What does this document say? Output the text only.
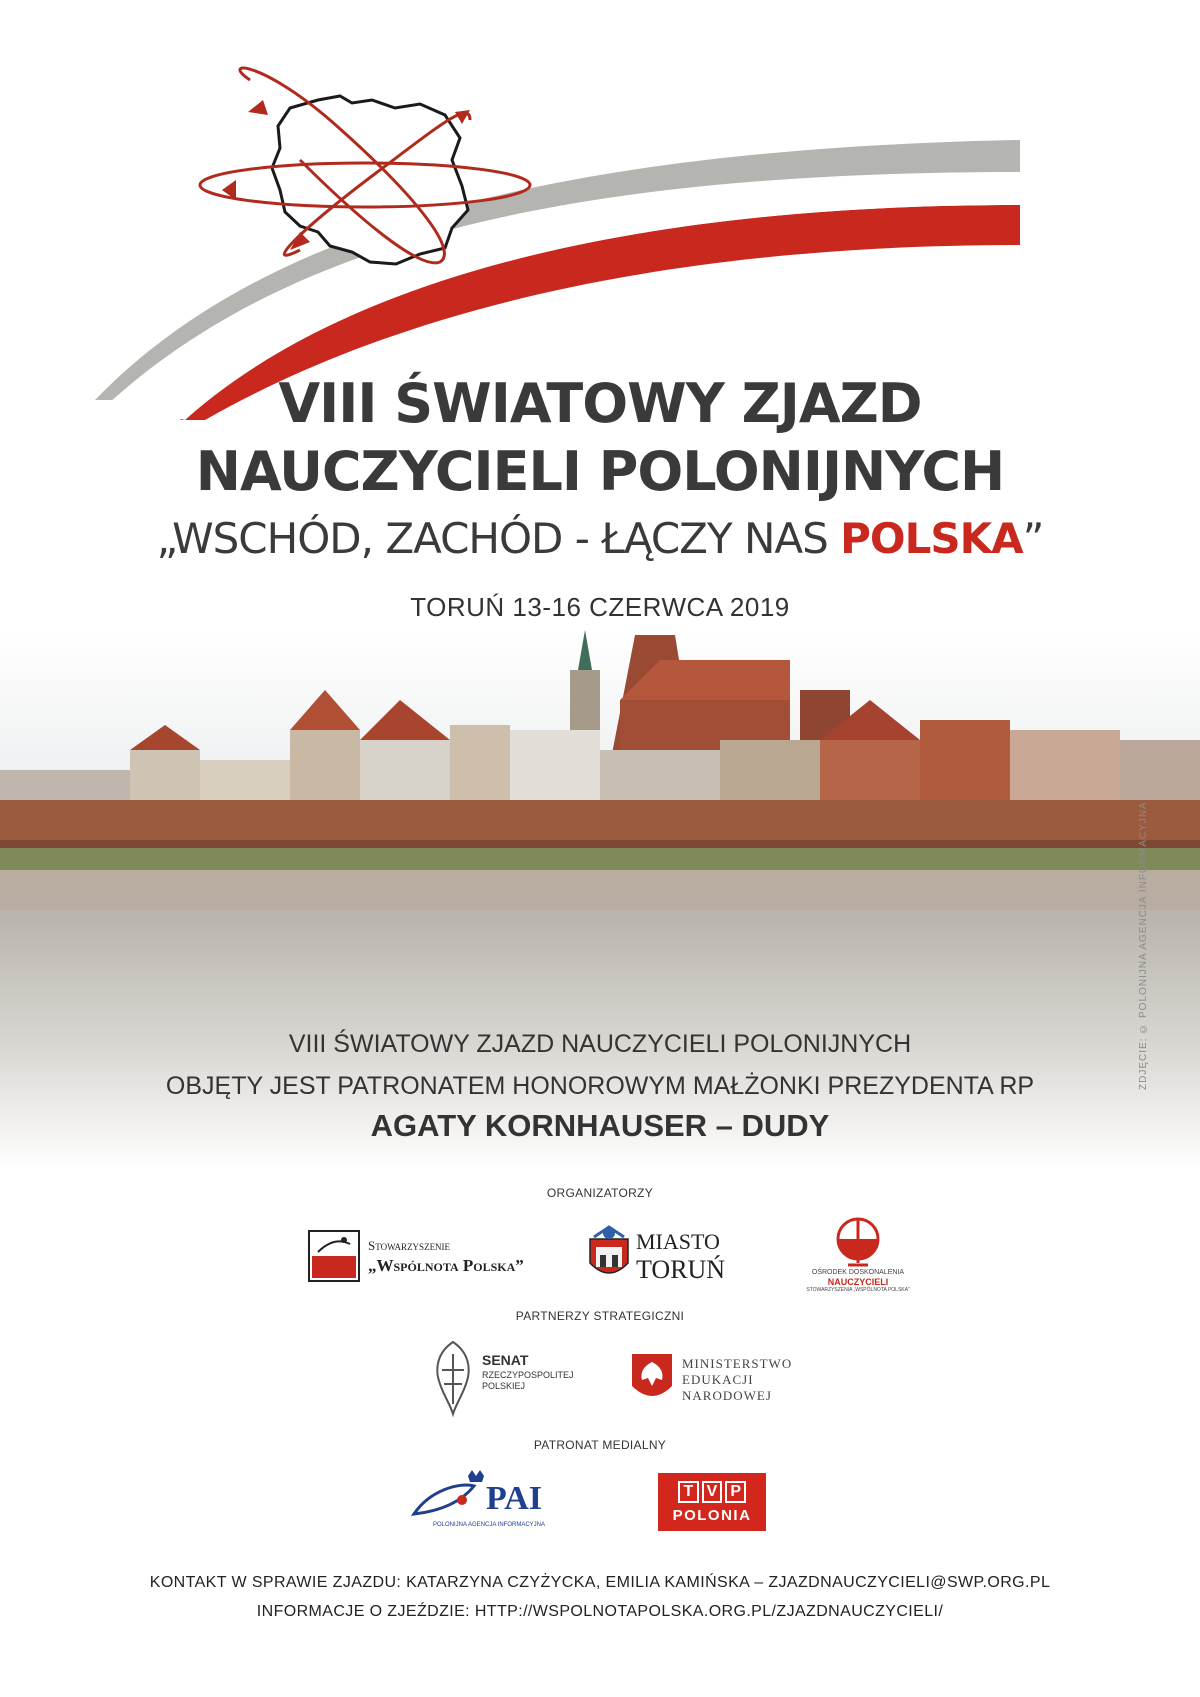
VIII ŚWIATOWY ZJAZD
NAUCZYCIELI POLONIJNYCH
„WSCHÓD, ZACHÓD - ŁĄCZY NAS POLSKA”
TORUŃ 13-16 CZERWCA 2019
ZDJĘCIE: © POLONIJNA AGENCJA INFORMACYJNA
VIII ŚWIATOWY ZJAZD NAUCZYCIELI POLONIJNYCH
OBJĘTY JEST PATRONATEM HONOROWYM MAŁŻONKI PREZYDENTA RP
AGATY KORNHAUSER – DUDY
ORGANIZATORZY
Stowarzyszenie
„Wspólnota Polska”
MIASTO
TORUŃ	OŚRODEK DOSKONALENIA
NAUCZYCIELI
STOWARZYSZENIA „WSPÓLNOTA POLSKA”
PARTNERZY STRATEGICZNI
SENAT
RZECZYPOSPOLITEJ
POLSKIEJ
MINISTERSTWO
EDUKACJI
NARODOWEJ
PATRONAT MEDIALNY
PAI
POLONIJNA AGENCJA INFORMACYJNA
T V P
POLONIA
KONTAKT W SPRAWIE ZJAZDU: KATARZYNA CZYŻYCKA, EMILIA KAMIŃSKA – ZJAZDNAUCZYCIELI@SWP.ORG.PL
INFORMACJE O ZJEŹDZIE: HTTP://WSPOLNOTAPOLSKA.ORG.PL/ZJAZDNAUCZYCIELI/
